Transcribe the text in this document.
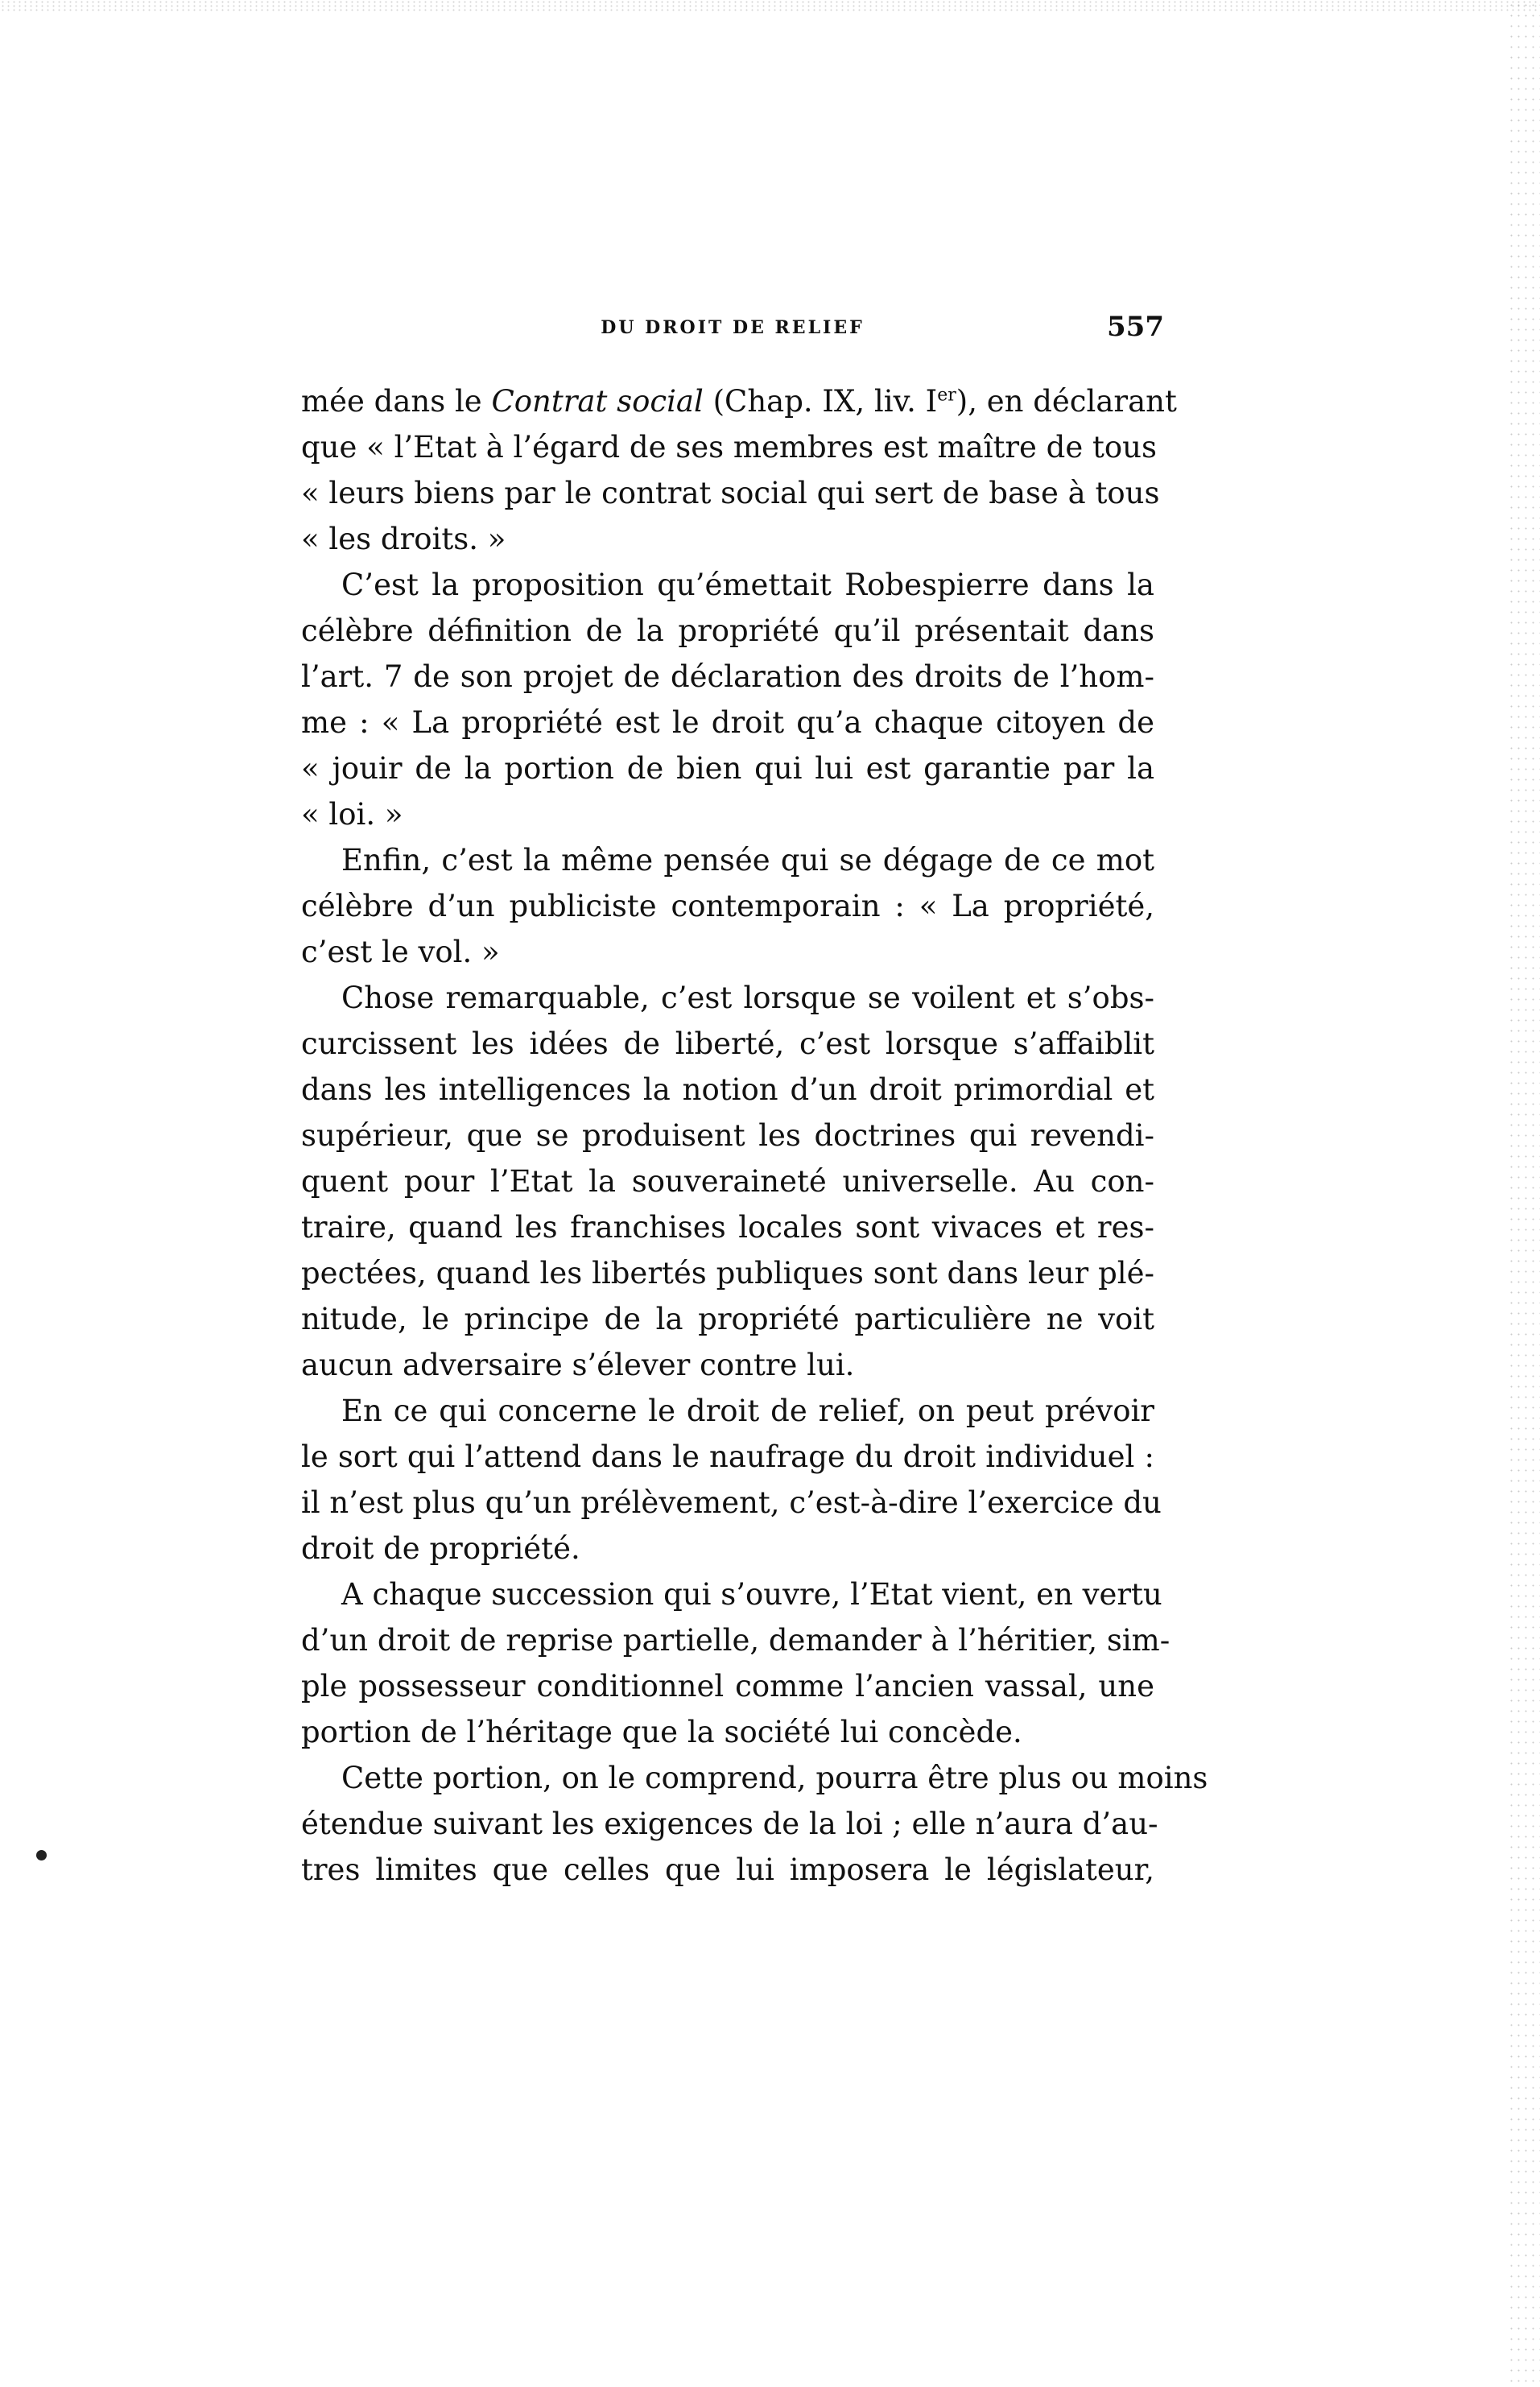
DU DROIT DE RELIEF	557
mée dans le Contrat social (Chap. IX, liv. Ier), en déclarant
que « l’Etat à l’égard de ses membres est maître de tous
« leurs biens par le contrat social qui sert de base à tous
« les droits. »
C’est la proposition qu’émettait Robespierre dans la
célèbre définition de la propriété qu’il présentait dans
l’art. 7 de son projet de déclaration des droits de l’hom-
me : « La propriété est le droit qu’a chaque citoyen de
« jouir de la portion de bien qui lui est garantie par la
« loi. »
Enfin, c’est la même pensée qui se dégage de ce mot
célèbre d’un publiciste contemporain : « La propriété,
c’est le vol. »
Chose remarquable, c’est lorsque se voilent et s’obs-
curcissent les idées de liberté, c’est lorsque s’affaiblit
dans les intelligences la notion d’un droit primordial et
supérieur, que se produisent les doctrines qui revendi-
quent pour l’Etat la souveraineté universelle. Au con-
traire, quand les franchises locales sont vivaces et res-
pectées, quand les libertés publiques sont dans leur plé-
nitude, le principe de la propriété particulière ne voit
aucun adversaire s’élever contre lui.
En ce qui concerne le droit de relief, on peut prévoir
le sort qui l’attend dans le naufrage du droit individuel :
il n’est plus qu’un prélèvement, c’est-à-dire l’exercice du
droit de propriété.
A chaque succession qui s’ouvre, l’Etat vient, en vertu
d’un droit de reprise partielle, demander à l’héritier, sim-
ple possesseur conditionnel comme l’ancien vassal, une
portion de l’héritage que la société lui concède.
Cette portion, on le comprend, pourra être plus ou moins
étendue suivant les exigences de la loi ; elle n’aura d’au-
tres limites que celles que lui imposera le législateur,
